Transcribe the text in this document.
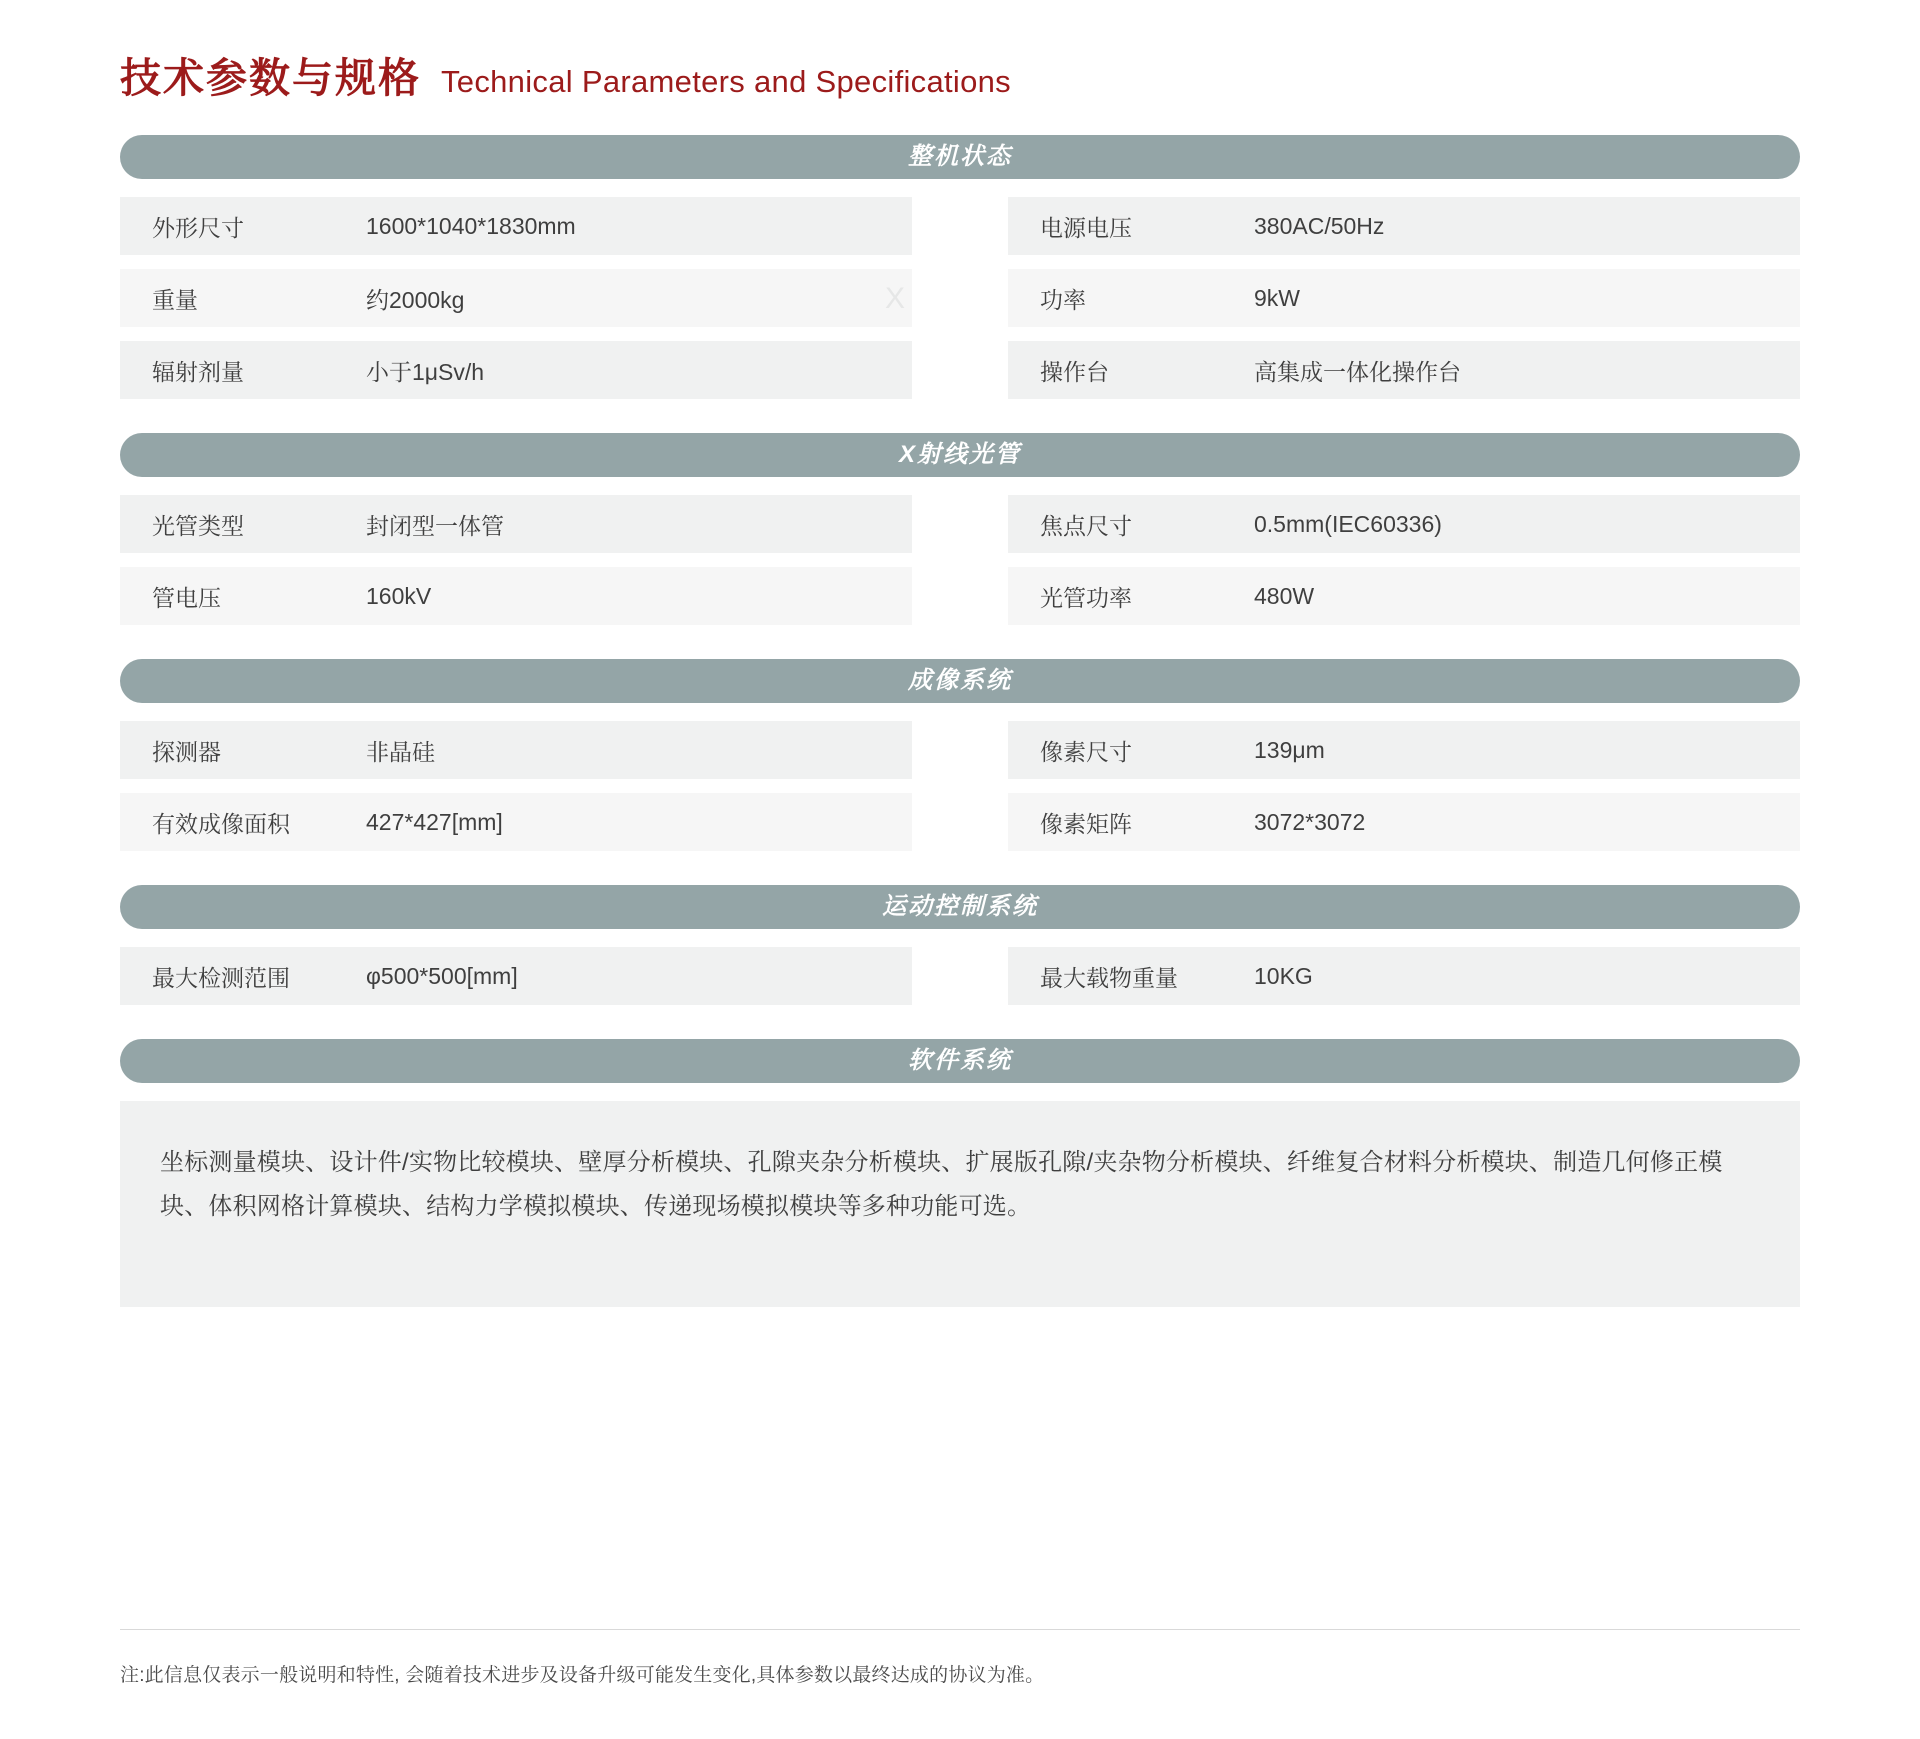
技术参数与规格 Technical Parameters and Specifications
X
整机状态
外形尺寸	1600*1040*1830mm	电源电压	380AC/50Hz
重量	约2000kg	功率	9kW
辐射剂量	小于1μSv/h	操作台	高集成一体化操作台
X射线光管
光管类型	封闭型一体管	焦点尺寸	0.5mm(IEC60336)
管电压	160kV	光管功率	480W
成像系统
探测器	非晶硅	像素尺寸	139μm
有效成像面积	427*427[mm]	像素矩阵	3072*3072
运动控制系统
最大检测范围	φ500*500[mm]	最大载物重量	10KG
软件系统

坐标测量模块、设计件/实物比较模块、壁厚分析模块、孔隙夹杂分析模块、扩展版孔隙/夹杂物分析模块、纤维复合材料分析模块、制造几何修正模块、体积网格计算模块、结构力学模拟模块、传递现场模拟模块等多种功能可选。

注:此信息仅表示一般说明和特性, 会随着技术进步及设备升级可能发生变化,具体参数以最终达成的协议为准。
